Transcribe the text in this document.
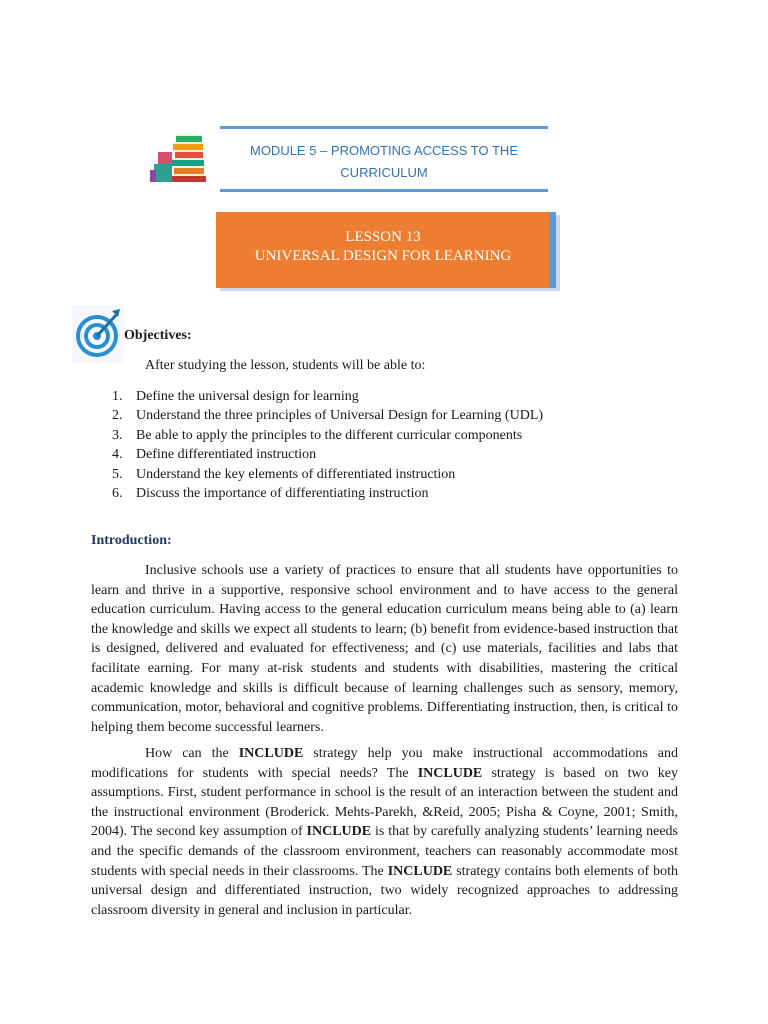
MODULE 5 – PROMOTING ACCESS TO THE
CURRICULUM
LESSON 13
UNIVERSAL DESIGN FOR LEARNING
Objectives:
After studying the lesson, students will be able to:
1. Define the universal design for learning
2. Understand the three principles of Universal Design for Learning (UDL)
3. Be able to apply the principles to the different curricular components
4. Define differentiated instruction
5. Understand the key elements of differentiated instruction
6. Discuss the importance of differentiating instruction
Introduction:

Inclusive schools use a variety of practices to ensure that all students have opportunities to learn and thrive in a supportive, responsive school environment and to have access to the general education curriculum. Having access to the general education curriculum means being able to (a) learn the knowledge and skills we expect all students to learn; (b) benefit from evidence-based instruction that is designed, delivered and evaluated for effectiveness; and (c) use materials, facilities and labs that facilitate earning. For many at-risk students and students with disabilities, mastering the critical academic knowledge and skills is difficult because of learning challenges such as sensory, memory, communication, motor, behavioral and cognitive problems. Differentiating instruction, then, is critical to helping them become successful learners.

How can the INCLUDE strategy help you make instructional accommodations and modifications for students with special needs? The INCLUDE strategy is based on two key assumptions. First, student performance in school is the result of an interaction between the student and the instructional environment (Broderick. Mehts-Parekh, &Reid, 2005; Pisha & Coyne, 2001; Smith, 2004). The second key assumption of INCLUDE is that by carefully analyzing students’ learning needs and the specific demands of the classroom environment, teachers can reasonably accommodate most students with special needs in their classrooms. The INCLUDE strategy contains both elements of both universal design and differentiated instruction, two widely recognized approaches to addressing classroom diversity in general and inclusion in particular.
